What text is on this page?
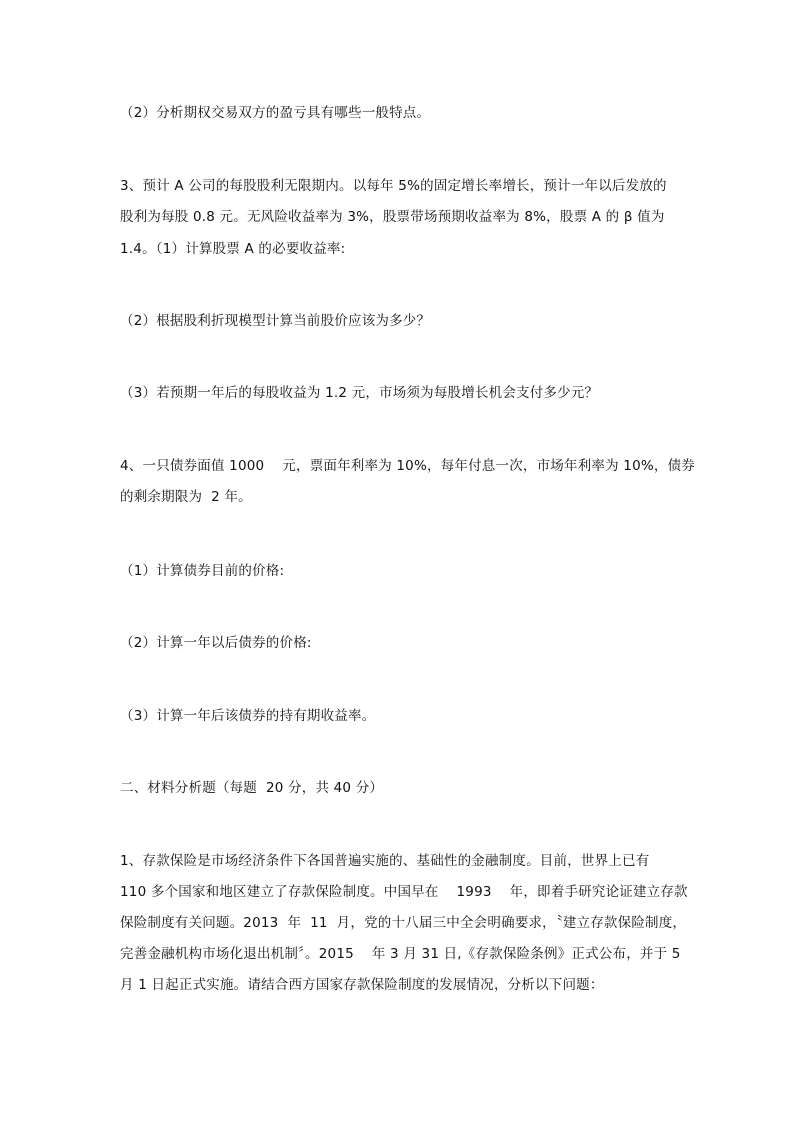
（2）分析期权交易双方的盈亏具有哪些一般特点。
3、预计 A 公司的每股股利无限期内。以每年 5%的固定增长率增长，预计一年以后发放的
股利为每股 0.8 元。无风险收益率为 3%，股票带场预期收益率为 8%，股票 A 的 β 值为
1.4。（1）计算股票 A 的必要收益率:
（2）根据股利折现模型计算当前股价应该为多少？
（3）若预期一年后的每股收益为 1.2 元，市场须为每股增长机会支付多少元？
4、一只债券面值 1000    元，票面年利率为 10%，每年付息一次，市场年利率为 10%，债券
的剩余期限为  2 年。
（1）计算债券目前的价格:
（2）计算一年以后债券的价格:
（3）计算一年后该债券的持有期收益率。
二、材料分析题（每题  20 分，共 40 分）
1、存款保险是市场经济条件下各国普遍实施的、基础性的金融制度。目前，世界上已有
110 多个国家和地区建立了存款保险制度。中国早在    1993    年，即着手研究论证建立存款
保险制度有关问题。2013  年  11  月，党的十八届三中全会明确要求，〝建立存款保险制度，
完善金融机构市场化退出机制〞。2015    年 3 月 31 日,《存款保险条例》正式公布，并于 5
月 1 日起正式实施。请结合西方国家存款保险制度的发展情况，分析以下问题：
